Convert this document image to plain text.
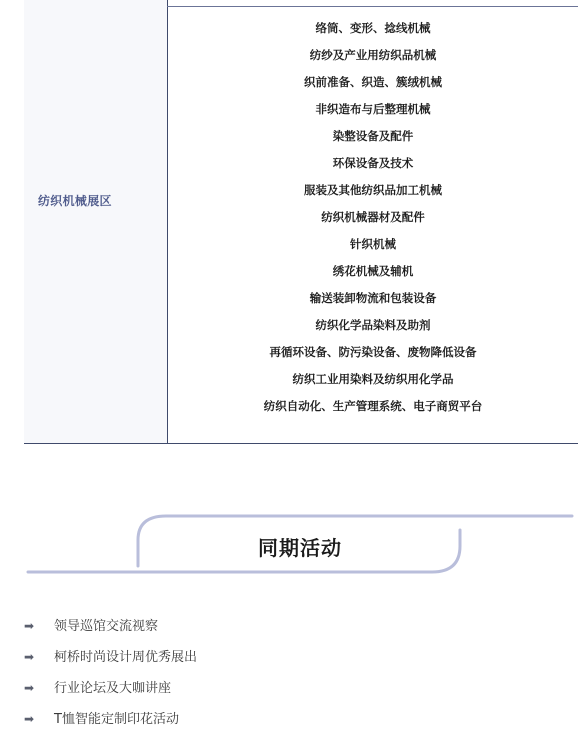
纺织机械展区
络筒、变形、捻线机械
纺纱及产业用纺织品机械
织前准备、织造、簇绒机械
非织造布与后整理机械
染整设备及配件
环保设备及技术
服装及其他纺织品加工机械
纺织机械器材及配件
针织机械
绣花机械及辅机
输送装卸物流和包装设备
纺织化学品染料及助剂
再循环设备、防污染设备、废物降低设备
纺织工业用染料及纺织用化学品
纺织自动化、生产管理系统、电子商贸平台
同期活动
➡ 领导巡馆交流视察
➡ 柯桥时尚设计周优秀展出
➡ 行业论坛及大咖讲座
➡ T恤智能定制印花活动
